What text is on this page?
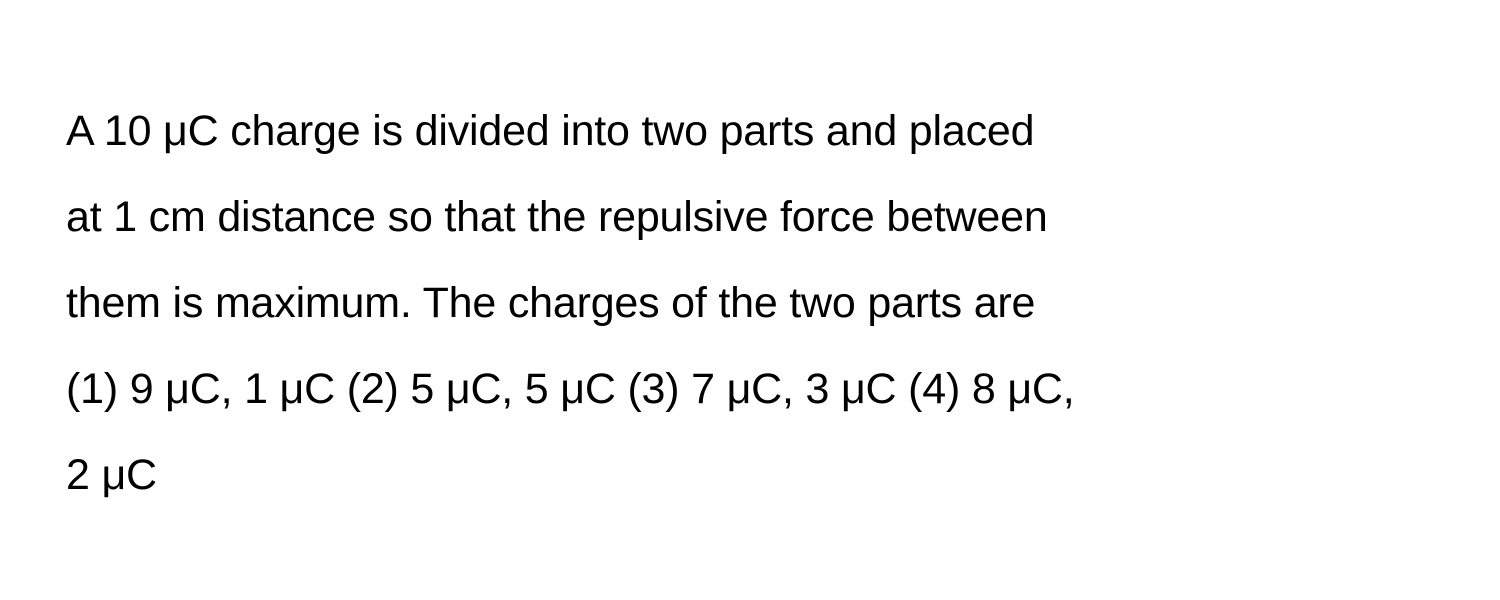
A 10 μC charge is divided into two parts and placed
at 1 cm distance so that the repulsive force between
them is maximum. The charges of the two parts are
(1) 9 μC, 1 μC (2) 5 μC, 5 μC (3) 7 μC, 3 μC (4) 8 μC,
2 μC
